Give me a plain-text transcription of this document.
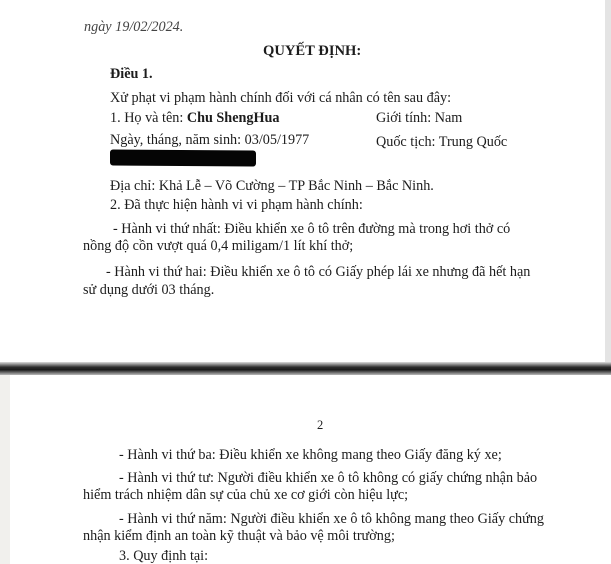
ngày 19/02/2024.
QUYẾT ĐỊNH:
Điều 1.
Xử phạt vi phạm hành chính đối với cá nhân có tên sau đây:
1. Họ và tên: Chu ShengHua	Giới tính: Nam
Ngày, tháng, năm sinh: 03/05/1977	Quốc tịch: Trung Quốc
Địa chỉ: Khả Lễ – Võ Cường – TP Bắc Ninh – Bắc Ninh.
2. Đã thực hiện hành vi vi phạm hành chính:
- Hành vi thứ nhất: Điều khiển xe ô tô trên đường mà trong hơi thở có
nồng độ cồn vượt quá 0,4 miligam/1 lít khí thở;
- Hành vi thứ hai: Điều khiển xe ô tô có Giấy phép lái xe nhưng đã hết hạn
sử dụng dưới 03 tháng.
2
- Hành vi thứ ba: Điều khiển xe không mang theo Giấy đăng ký xe;
- Hành vi thứ tư: Người điều khiển xe ô tô không có giấy chứng nhận bảo
hiểm trách nhiệm dân sự của chủ xe cơ giới còn hiệu lực;
- Hành vi thứ năm: Người điều khiển xe ô tô không mang theo Giấy chứng
nhận kiểm định an toàn kỹ thuật và bảo vệ môi trường;
3. Quy định tại:
